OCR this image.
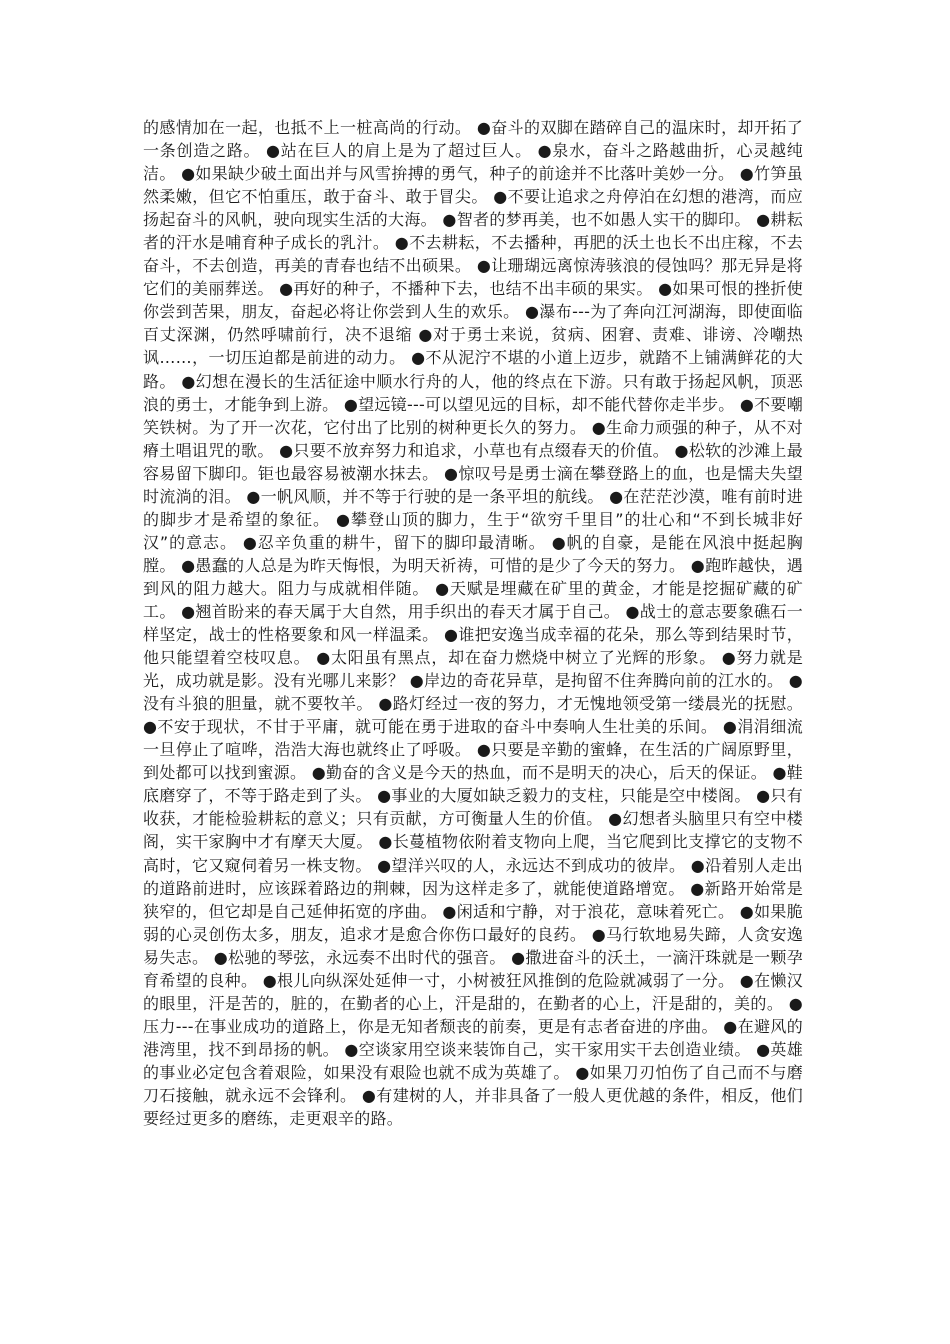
的感情加在一起，也抵不上一桩高尚的行动。 ●奋斗的双脚在踏碎自己的温床时，却开拓了一条创造之路。 ●站在巨人的肩上是为了超过巨人。 ●泉水，奋斗之路越曲折，心灵越纯洁。 ●如果缺少破土面出并与风雪拚搏的勇气，种子的前途并不比落叶美妙一分。 ●竹笋虽然柔嫩，但它不怕重压，敢于奋斗、敢于冒尖。 ●不要让追求之舟停泊在幻想的港湾，而应扬起奋斗的风帆，驶向现实生活的大海。 ●智者的梦再美，也不如愚人实干的脚印。 ●耕耘者的汗水是哺育种子成长的乳汁。 ●不去耕耘，不去播种，再肥的沃土也长不出庄稼，不去奋斗，不去创造，再美的青春也结不出硕果。 ●让珊瑚远离惊涛骇浪的侵蚀吗？那无异是将它们的美丽葬送。 ●再好的种子，不播种下去，也结不出丰硕的果实。 ●如果可恨的挫折使你尝到苦果，朋友，奋起必将让你尝到人生的欢乐。 ●瀑布---为了奔向江河湖海，即使面临百丈深渊，仍然呼啸前行，决不退缩 ●对于勇士来说，贫病、困窘、责难、诽谤、冷嘲热讽……，一切压迫都是前进的动力。 ●不从泥泞不堪的小道上迈步，就踏不上铺满鲜花的大路。 ●幻想在漫长的生活征途中顺水行舟的人，他的终点在下游。只有敢于扬起风帆，顶恶浪的勇士，才能争到上游。 ●望远镜---可以望见远的目标，却不能代替你走半步。 ●不要嘲笑铁树。为了开一次花，它付出了比别的树种更长久的努力。 ●生命力顽强的种子，从不对瘠土唱诅咒的歌。 ●只要不放弃努力和追求，小草也有点缀春天的价值。 ●松软的沙滩上最容易留下脚印。钜也最容易被潮水抹去。 ●惊叹号是勇士滴在攀登路上的血，也是懦夫失望时流淌的泪。 ●一帆风顺，并不等于行驶的是一条平坦的航线。 ●在茫茫沙漠，唯有前时进的脚步才是希望的象征。 ●攀登山顶的脚力，生于“欲穷千里目”的壮心和“不到长城非好汉”的意志。 ●忍辛负重的耕牛，留下的脚印最清晰。 ●帆的自豪，是能在风浪中挺起胸膛。 ●愚蠢的人总是为昨天悔恨，为明天祈祷，可惜的是少了今天的努力。 ●跑昨越快，遇到风的阻力越大。阻力与成就相伴随。 ●天赋是埋藏在矿里的黄金，才能是挖掘矿藏的矿工。 ●翘首盼来的春天属于大自然，用手织出的春天才属于自己。 ●战士的意志要象礁石一样坚定，战士的性格要象和风一样温柔。 ●谁把安逸当成幸福的花朵，那么等到结果时节，他只能望着空枝叹息。 ●太阳虽有黑点，却在奋力燃烧中树立了光辉的形象。 ●努力就是光，成功就是影。没有光哪儿来影？ ●岸边的奇花异草，是拘留不住奔腾向前的江水的。 ●没有斗狼的胆量，就不要牧羊。 ●路灯经过一夜的努力，才无愧地领受第一缕晨光的抚慰。 ●不安于现状，不甘于平庸，就可能在勇于进取的奋斗中奏响人生壮美的乐间。 ●涓涓细流一旦停止了喧哗，浩浩大海也就终止了呼吸。 ●只要是辛勤的蜜蜂，在生活的广阔原野里，到处都可以找到蜜源。 ●勤奋的含义是今天的热血，而不是明天的决心，后天的保证。 ●鞋底磨穿了，不等于路走到了头。 ●事业的大厦如缺乏毅力的支柱，只能是空中楼阁。 ●只有收获，才能检验耕耘的意义；只有贡献，方可衡量人生的价值。 ●幻想者头脑里只有空中楼阁，实干家胸中才有摩天大厦。 ●长蔓植物依附着支物向上爬，当它爬到比支撑它的支物不高时，它又窥伺着另一株支物。 ●望洋兴叹的人，永远达不到成功的彼岸。 ●沿着别人走出的道路前进时，应该踩着路边的荆棘，因为这样走多了，就能使道路增宽。 ●新路开始常是狭窄的，但它却是自己延伸拓宽的序曲。 ●闲适和宁静，对于浪花，意味着死亡。 ●如果脆弱的心灵创伤太多，朋友，追求才是愈合你伤口最好的良药。 ●马行软地易失蹄，人贪安逸易失志。 ●松驰的琴弦，永远奏不出时代的强音。 ●撒进奋斗的沃土，一滴汗珠就是一颗孕育希望的良种。 ●根儿向纵深处延伸一寸，小树被狂风推倒的危险就减弱了一分。 ●在懒汉的眼里，汗是苦的，脏的，在勤者的心上，汗是甜的，在勤者的心上，汗是甜的，美的。 ●压力---在事业成功的道路上，你是无知者颓丧的前奏，更是有志者奋进的序曲。 ●在避风的港湾里，找不到昂扬的帆。 ●空谈家用空谈来装饰自己，实干家用实干去创造业绩。 ●英雄的事业必定包含着艰险，如果没有艰险也就不成为英雄了。 ●如果刀刃怕伤了自己而不与磨刀石接触，就永远不会锋利。 ●有建树的人，并非具备了一般人更优越的条件，相反，他们要经过更多的磨练，走更艰辛的路。
